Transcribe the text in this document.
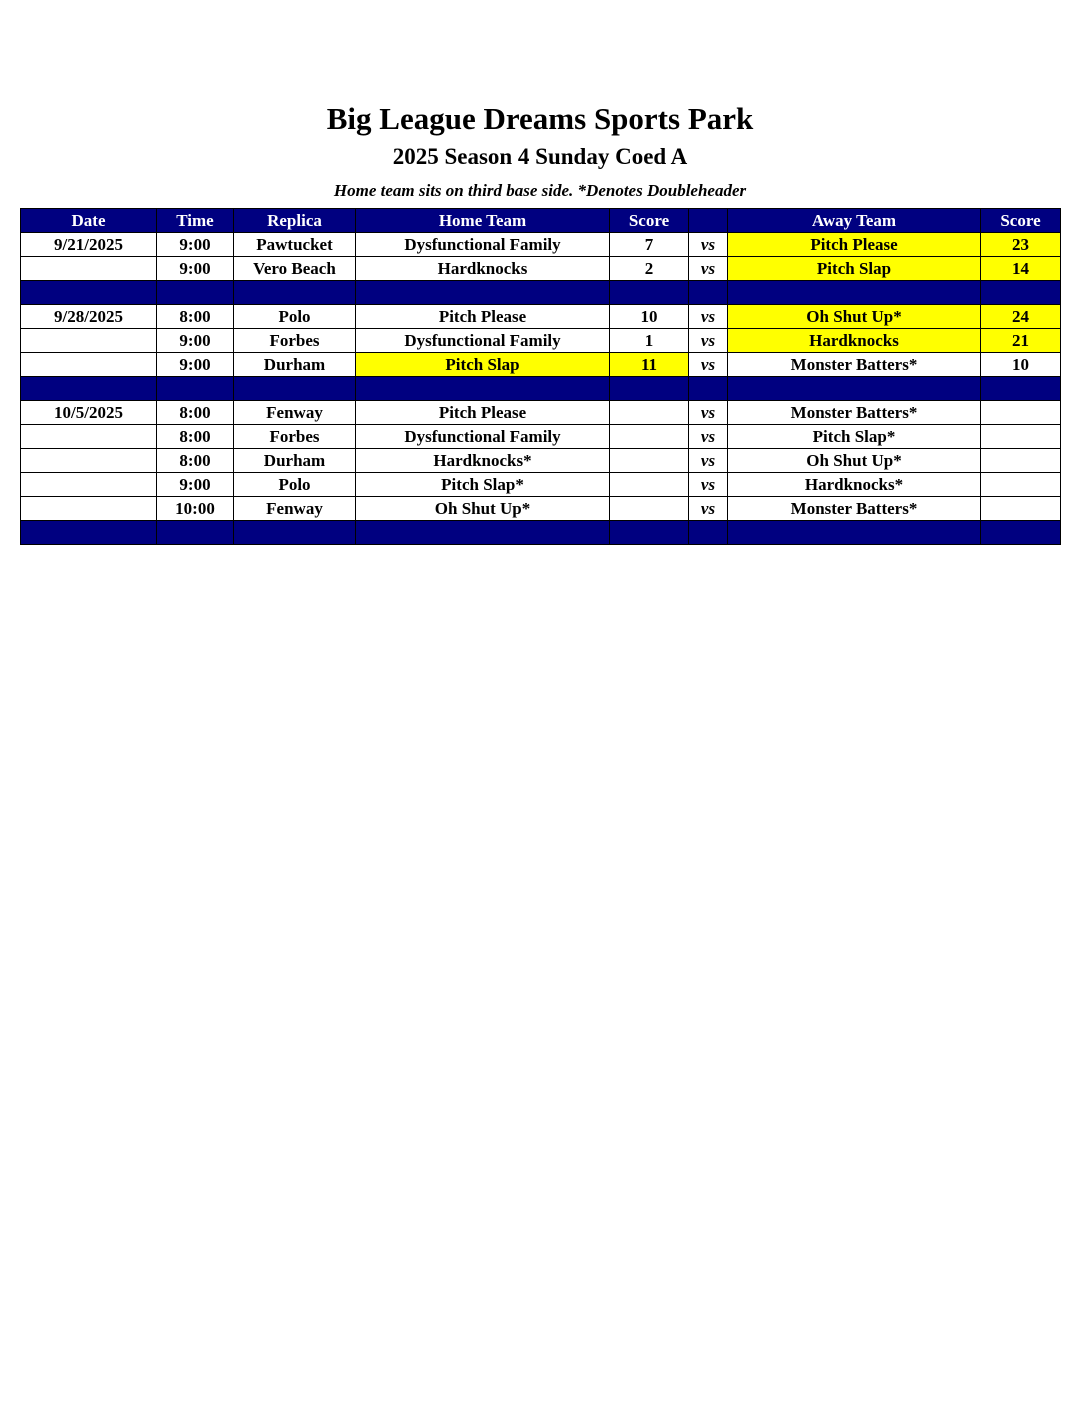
Big League Dreams Sports Park
2025 Season 4 Sunday Coed A
Home team sits on third base side. *Denotes Doubleheader
Date	Time	Replica	Home Team	Score		Away Team	Score
9/21/2025	9:00	Pawtucket	Dysfunctional Family	7	vs	Pitch Please	23
	9:00	Vero Beach	Hardknocks	2	vs	Pitch Slap	14

9/28/2025	8:00	Polo	Pitch Please	10	vs	Oh Shut Up*	24
	9:00	Forbes	Dysfunctional Family	1	vs	Hardknocks	21
	9:00	Durham	Pitch Slap	11	vs	Monster Batters*	10

10/5/2025	8:00	Fenway	Pitch Please		vs	Monster Batters*	
	8:00	Forbes	Dysfunctional Family		vs	Pitch Slap*	
	8:00	Durham	Hardknocks*		vs	Oh Shut Up*	
	9:00	Polo	Pitch Slap*		vs	Hardknocks*	
	10:00	Fenway	Oh Shut Up*		vs	Monster Batters*	
